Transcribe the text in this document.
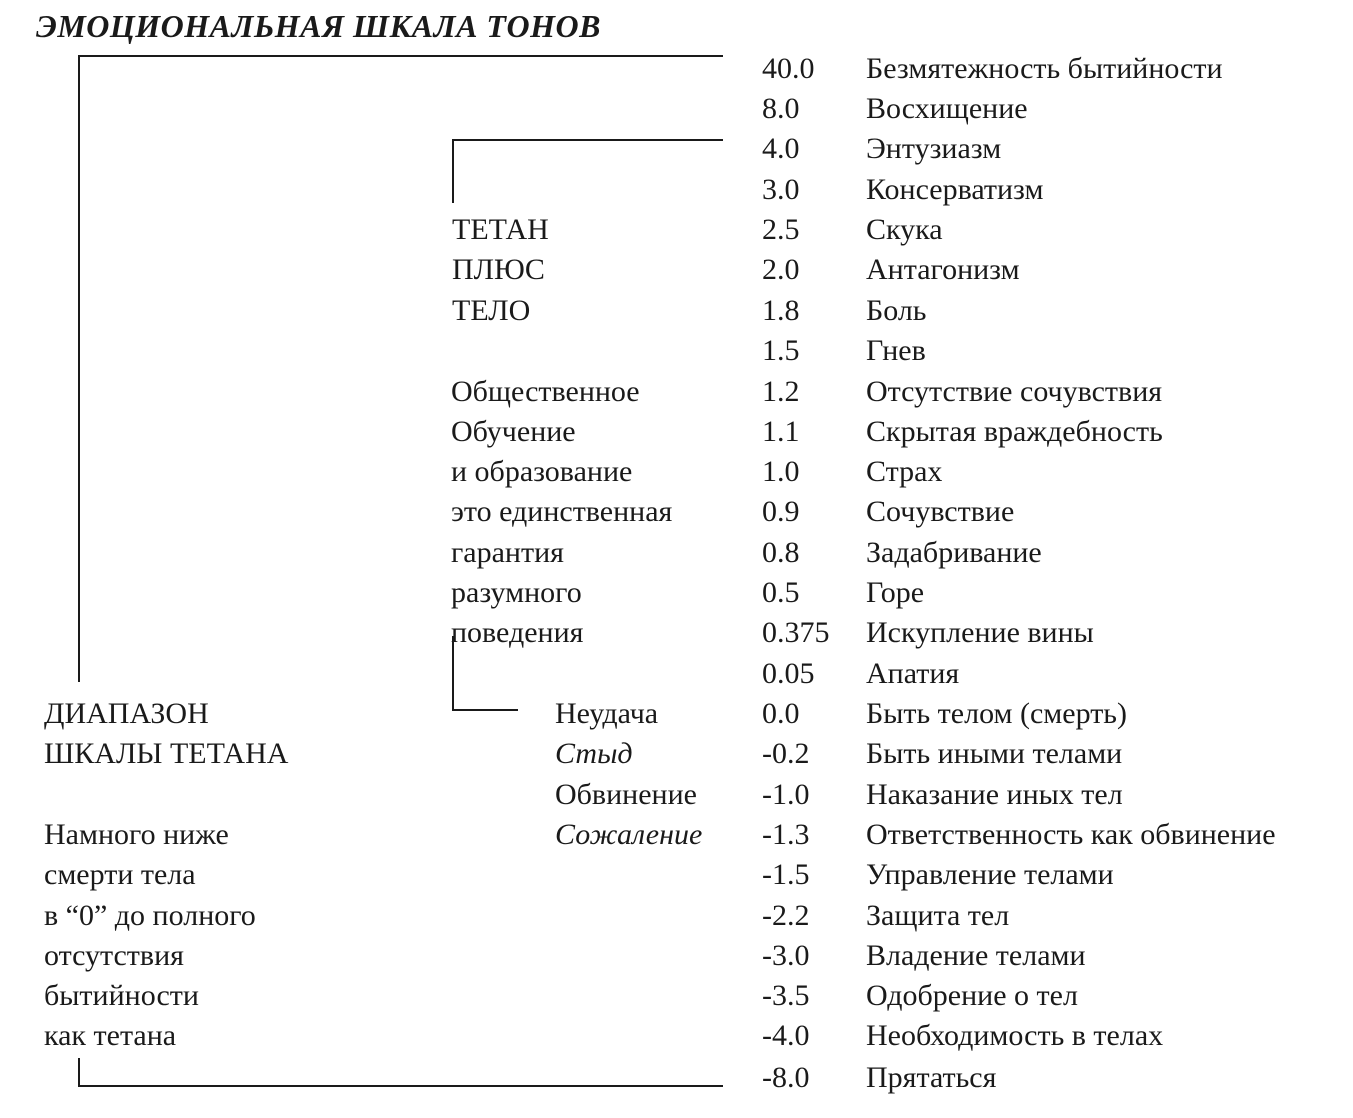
ЭМОЦИОНАЛЬНАЯ ШКАЛА ТОНОВ
40.0
8.0
4.0
3.0
2.5
2.0
1.8
1.5
1.2
1.1
1.0
0.9
0.8
0.5
0.375
0.05
0.0
-0.2
-1.0
-1.3
-1.5
-2.2
-3.0
-3.5
-4.0
-8.0
Безмятежность бытийности
Восхищение
Энтузиазм
Консерватизм
Скука
Антагонизм
Боль
Гнев
Отсутствие сочувствия
Скрытая враждебность
Страх
Сочувствие
Задабривание
Горе
Искупление вины
Апатия
Быть телом (смерть)
Быть иными телами
Наказание иных тел
Ответственность как обвинение
Управление телами
Защита тел
Владение телами
Одобрение о тел
Необходимость в телах
Прятаться
ТЕТАН
ПЛЮС
ТЕЛО
Общественное
Обучение
и образование
это единственная
гарантия
разумного
поведения
Неудача
Стыд
Обвинение
Сожаление
ДИАПАЗОН
ШКАЛЫ ТЕТАНА
Намного ниже
смерти тела
в “0” до полного
отсутствия
бытийности
как тетана
